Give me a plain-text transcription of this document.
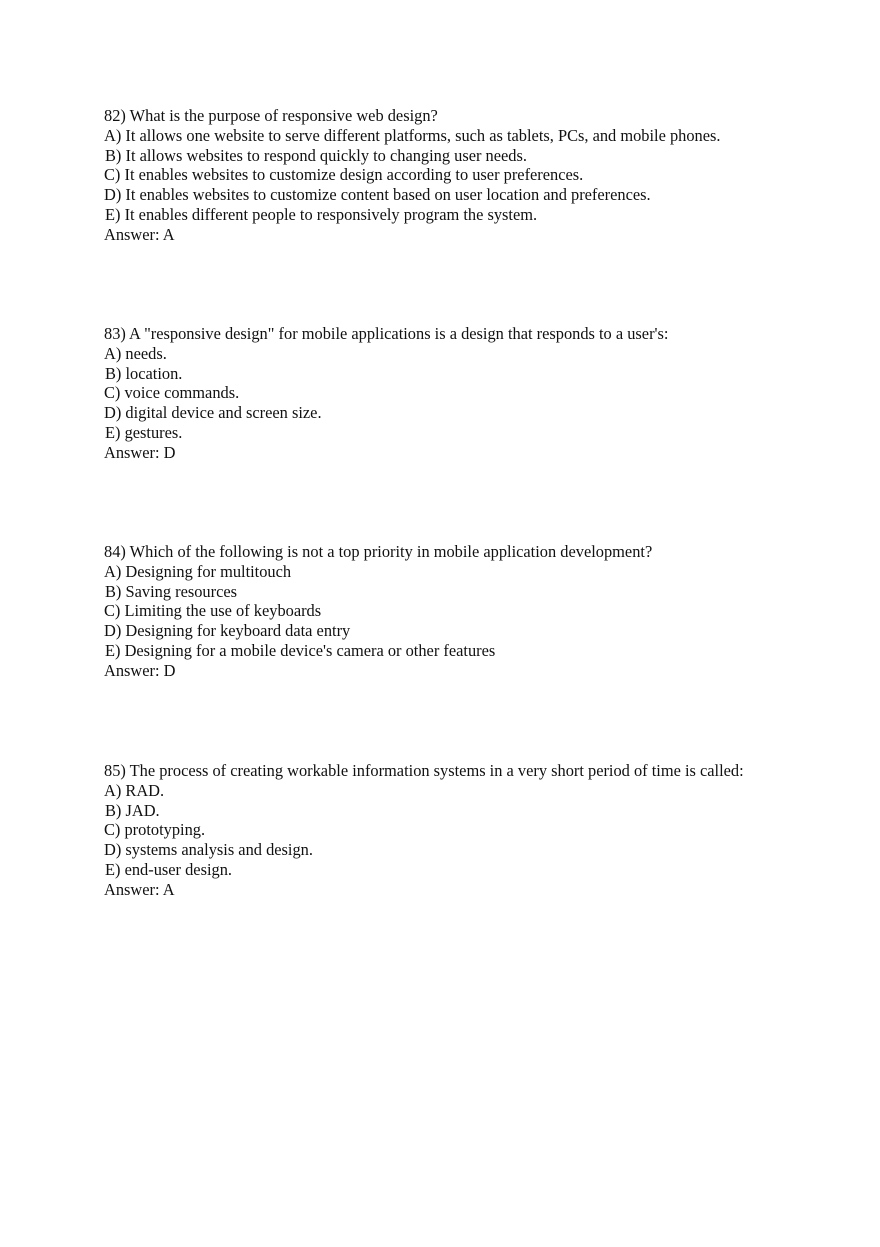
82) What is the purpose of responsive web design?
A) It allows one website to serve different platforms, such as tablets, PCs, and mobile phones.
B) It allows websites to respond quickly to changing user needs.
C) It enables websites to customize design according to user preferences.
D) It enables websites to customize content based on user location and preferences.
E) It enables different people to responsively program the system.
Answer: A
83) A "responsive design" for mobile applications is a design that responds to a user's:
A) needs.
B) location.
C) voice commands.
D) digital device and screen size.
E) gestures.
Answer: D
84) Which of the following is not a top priority in mobile application development?
A) Designing for multitouch
B) Saving resources
C) Limiting the use of keyboards
D) Designing for keyboard data entry
E) Designing for a mobile device's camera or other features
Answer: D
85) The process of creating workable information systems in a very short period of time is called:
A) RAD.
B) JAD.
C) prototyping.
D) systems analysis and design.
E) end-user design.
Answer: A
